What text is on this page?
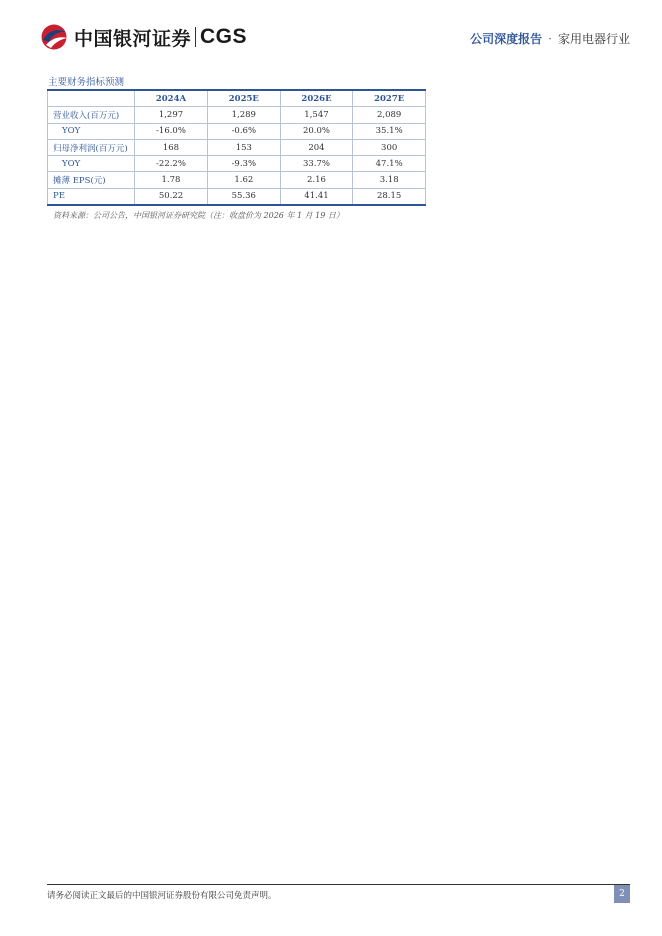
中国银河证券 CGS	公司深度报告 · 家用电器行业
主要财务指标预测
	2024A	2025E	2026E	2027E
营业收入(百万元)	1,297	1,289	1,547	2,089
YOY	-16.0%	-0.6%	20.0%	35.1%
归母净利润(百万元)	168	153	204	300
YOY	-22.2%	-9.3%	33.7%	47.1%
摊薄 EPS(元)	1.78	1.62	2.16	3.18
PE	50.22	55.36	41.41	28.15
资料来源：公司公告，中国银河证券研究院（注：收盘价为 2026 年 1 月 19 日）
请务必阅读正文最后的中国银河证券股份有限公司免责声明。	2
